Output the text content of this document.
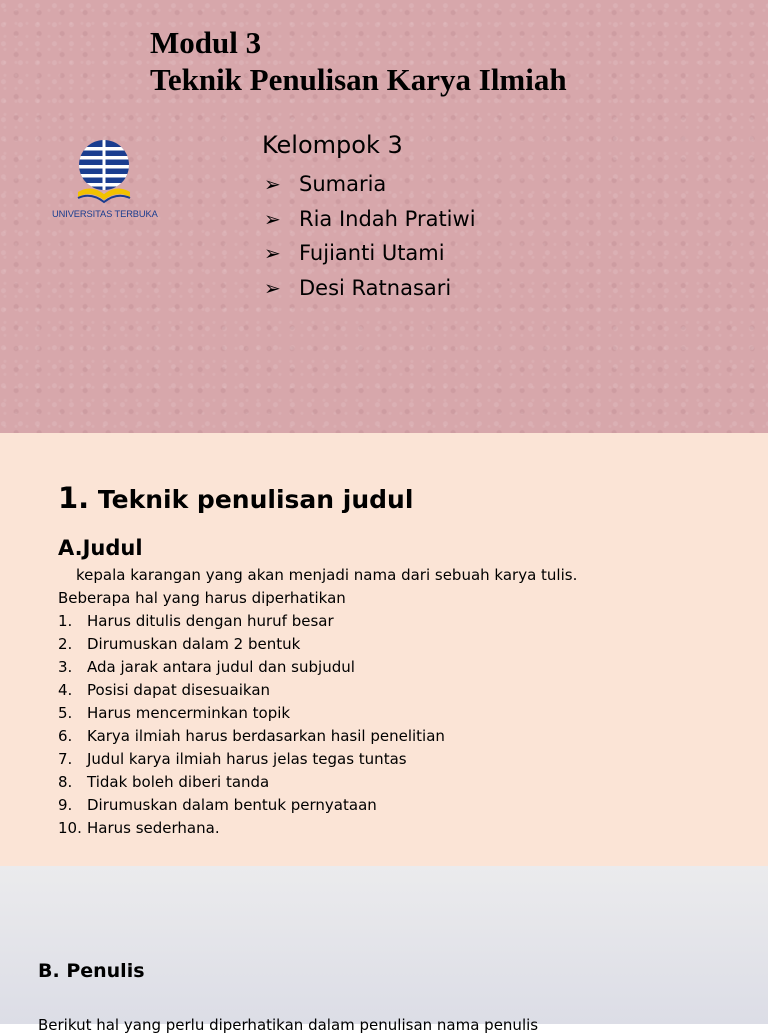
Modul 3
Teknik Penulisan Karya Ilmiah
UNIVERSITAS TERBUKA
Kelompok 3
➢ Sumaria
➢ Ria Indah Pratiwi
➢ Fujianti Utami
➢ Desi Ratnasari
1. Teknik penulisan judul
A.Judul

kepala karangan yang akan menjadi nama dari sebuah karya tulis.

Beberapa hal yang harus diperhatikan

1. Harus ditulis dengan huruf besar
2. Dirumuskan dalam 2 bentuk
3. Ada jarak antara judul dan subjudul
4. Posisi dapat disesuaikan
5. Harus mencerminkan topik
6. Karya ilmiah harus berdasarkan hasil penelitian
7. Judul karya ilmiah harus jelas tegas tuntas
8. Tidak boleh diberi tanda
9. Dirumuskan dalam bentuk pernyataan
10. Harus sederhana.
B. Penulis

Berikut hal yang perlu diperhatikan dalam penulisan nama penulis
